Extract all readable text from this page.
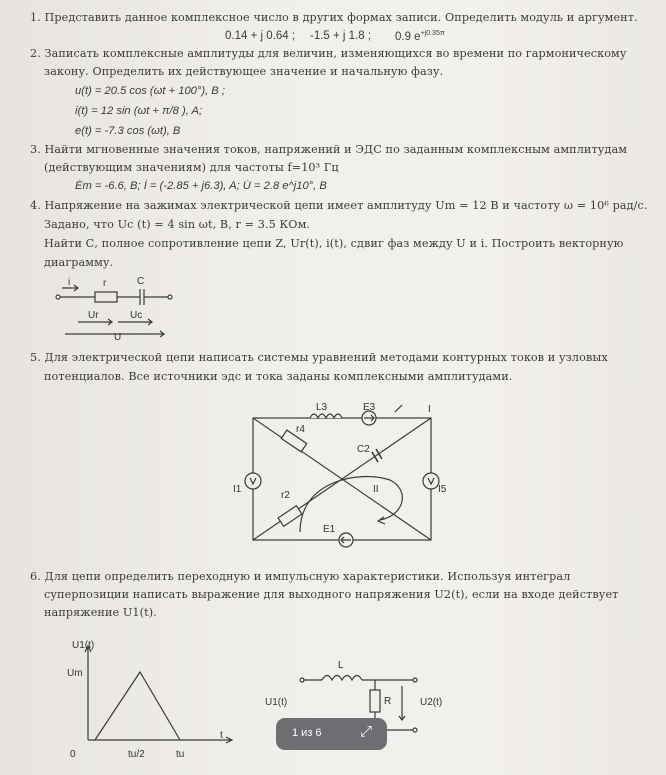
1. Представить данное комплексное число в других формах записи. Определить модуль и аргумент.
0.14 + j 0.64 ; -1.5 + j 1.8 ; 0.9 $e^{+j0.35\pi}$
2. Записать комплексные амплитуды для величин, изменяющихся во времени по гармоническому
закону. Определить их действующее значение и начальную фазу.
u(t) = 20.5 cos (ωt + 100°), В ;
i(t) = 12 sin (ωt + π/8 ), A;
e(t) = -7.3 cos (ωt), В
3. Найти мгновенные значения токов, напряжений и ЭДС по заданным комплексным амплитудам
(действующим значениям) для частоты f=10³ Гц
Ėm = -6.6, В; İ = (-2.85 + j6.3), A; U̇ = 2.8 e^j10°, В
4. Напряжение на зажимах электрической цепи имеет амплитуду Um = 12 В и частоту ω = 10⁶ рад/с.
Задано, что Uc (t) = 4 sin ωt, В, r = 3.5 КОм.
Найти С, полное сопротивление цепи Z, Ur(t), i(t), сдвиг фаз между U и i. Построить векторную
диаграмму.
5. Для электрической цепи написать системы уравнений методами контурных токов и узловых
потенциалов. Все источники эдс и тока заданы комплексными амплитудами.
6. Для цепи определить переходную и импульсную характеристики. Используя интеграл
суперпозиции написать выражение для выходного напряжения U2(t), если на входе действует
напряжение U1(t).
i	r	C
Ur	Uc
U
L3	E3
r4
C2
I1	I5
r2
E1
II
I
U1(t)
Um
0	tu/2	tu
t
L
R
U1(t)	U2(t)
1 из 6	⤢
